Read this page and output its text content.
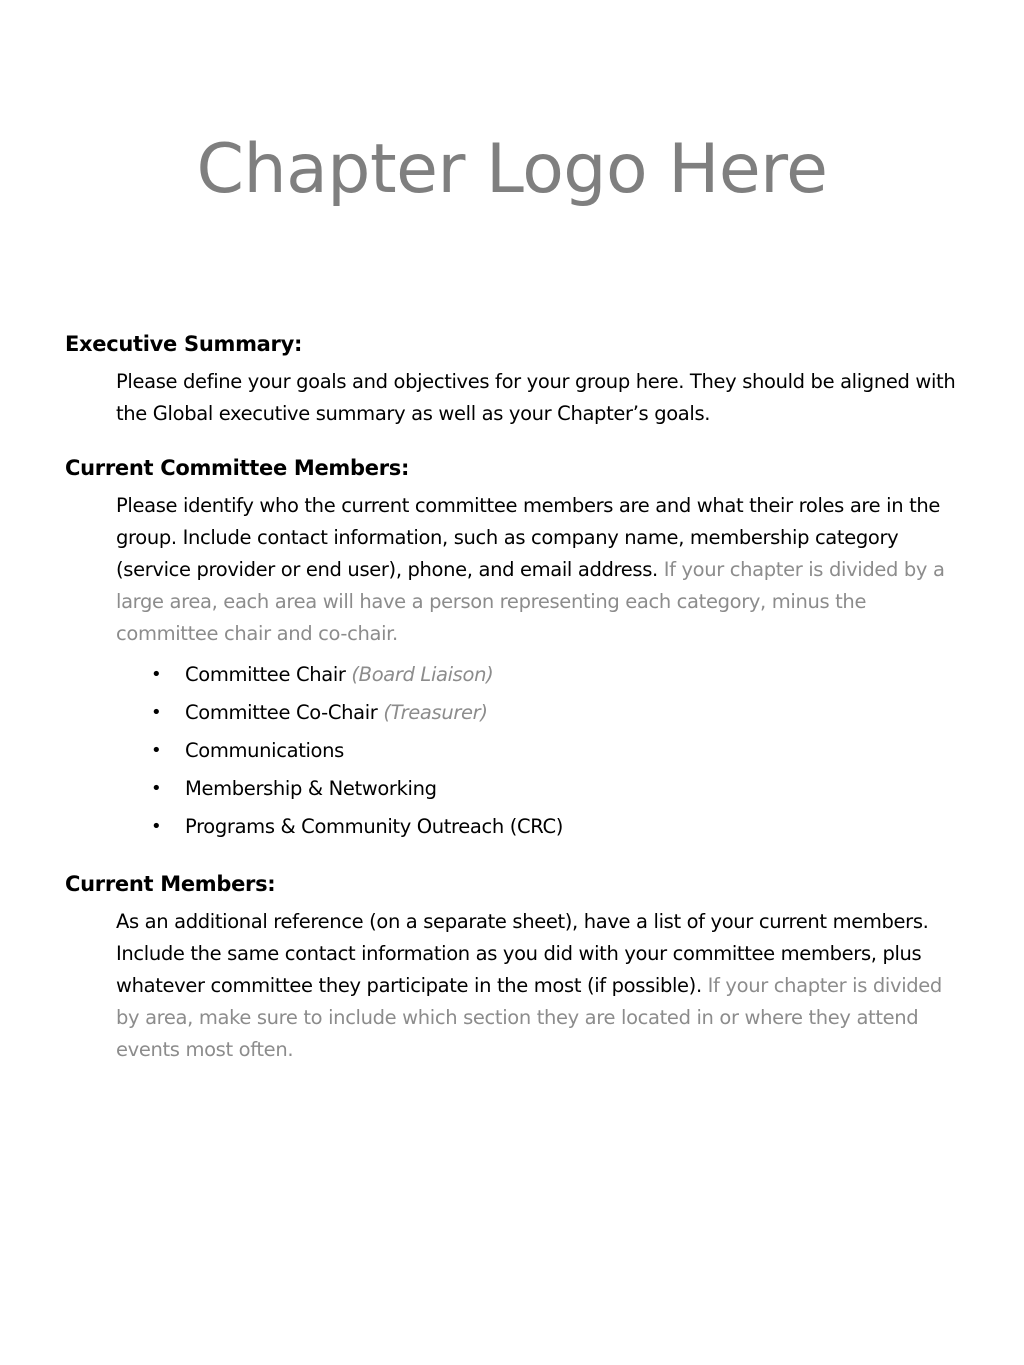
Chapter Logo Here
Executive Summary:
Please define your goals and objectives for your group here. They should be aligned with the Global executive summary as well as your Chapter’s goals.
Current Committee Members:
Please identify who the current committee members are and what their roles are in the group. Include contact information, such as company name, membership category (service provider or end user), phone, and email address. If your chapter is divided by a large area, each area will have a person representing each category, minus the committee chair and co-chair.
• Committee Chair (Board Liaison)
• Committee Co-Chair (Treasurer)
• Communications
• Membership & Networking
• Programs & Community Outreach (CRC)
Current Members:
As an additional reference (on a separate sheet), have a list of your current members. Include the same contact information as you did with your committee members, plus whatever committee they participate in the most (if possible). If your chapter is divided by area, make sure to include which section they are located in or where they attend events most often.
